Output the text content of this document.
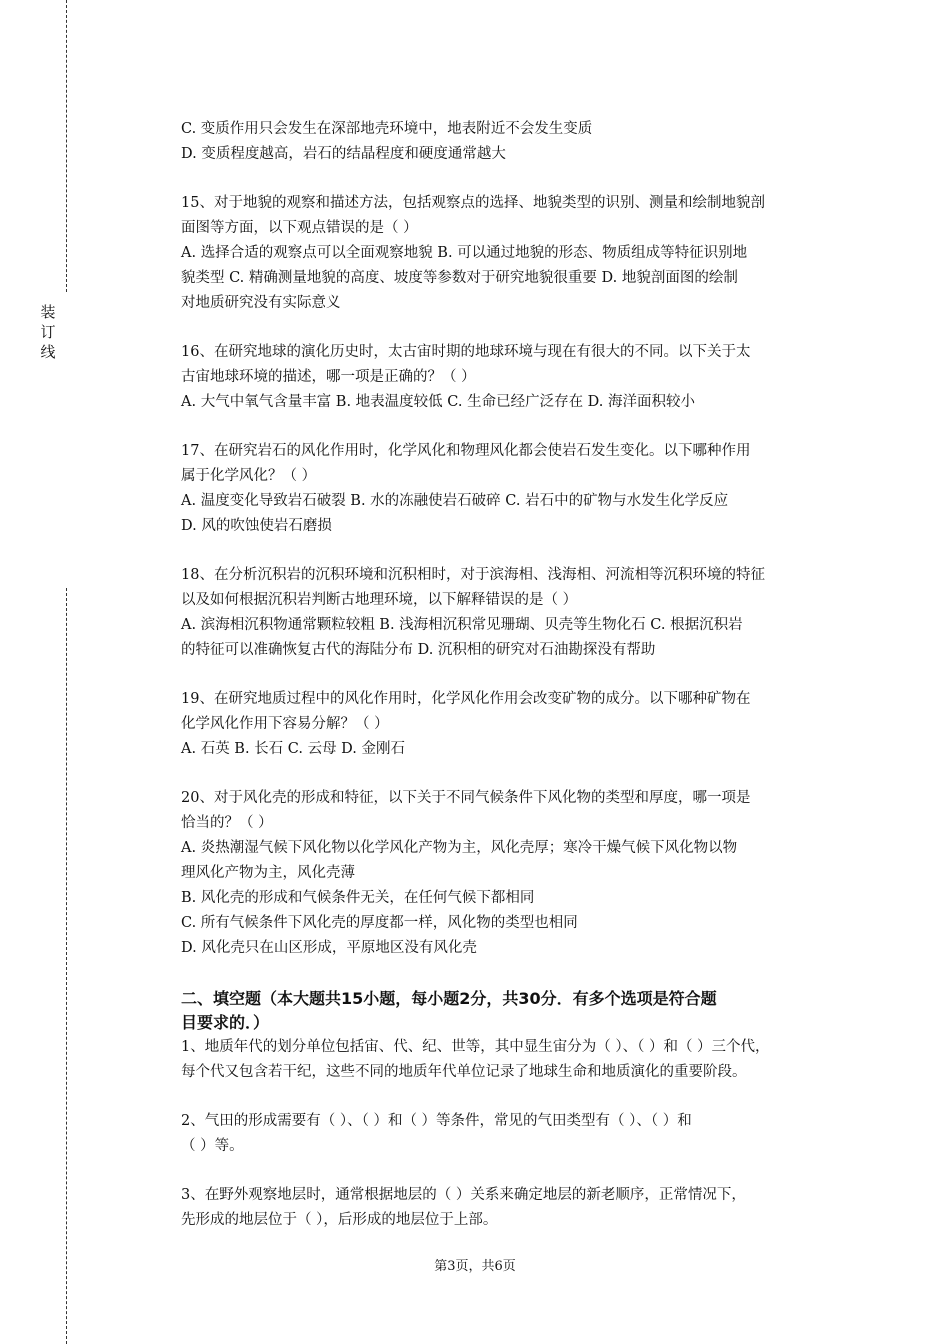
装
订
线
C. 变质作用只会发生在深部地壳环境中，地表附近不会发生变质
D. 变质程度越高，岩石的结晶程度和硬度通常越大
15、对于地貌的观察和描述方法，包括观察点的选择、地貌类型的识别、测量和绘制地貌剖
面图等方面，以下观点错误的是（ ）
A. 选择合适的观察点可以全面观察地貌 B. 可以通过地貌的形态、物质组成等特征识别地
貌类型 C. 精确测量地貌的高度、坡度等参数对于研究地貌很重要 D. 地貌剖面图的绘制
对地质研究没有实际意义
16、在研究地球的演化历史时，太古宙时期的地球环境与现在有很大的不同。以下关于太
古宙地球环境的描述，哪一项是正确的？（ ）
A. 大气中氧气含量丰富 B. 地表温度较低 C. 生命已经广泛存在 D. 海洋面积较小
17、在研究岩石的风化作用时，化学风化和物理风化都会使岩石发生变化。以下哪种作用
属于化学风化？（ ）
A. 温度变化导致岩石破裂 B. 水的冻融使岩石破碎 C. 岩石中的矿物与水发生化学反应
D. 风的吹蚀使岩石磨损
18、在分析沉积岩的沉积环境和沉积相时，对于滨海相、浅海相、河流相等沉积环境的特征
以及如何根据沉积岩判断古地理环境，以下解释错误的是（ ）
A. 滨海相沉积物通常颗粒较粗 B. 浅海相沉积常见珊瑚、贝壳等生物化石 C. 根据沉积岩
的特征可以准确恢复古代的海陆分布 D. 沉积相的研究对石油勘探没有帮助
19、在研究地质过程中的风化作用时，化学风化作用会改变矿物的成分。以下哪种矿物在
化学风化作用下容易分解？（ ）
A. 石英 B. 长石 C. 云母 D. 金刚石
20、对于风化壳的形成和特征，以下关于不同气候条件下风化物的类型和厚度，哪一项是
恰当的？（ ）
A. 炎热潮湿气候下风化物以化学风化产物为主，风化壳厚；寒冷干燥气候下风化物以物
理风化产物为主，风化壳薄
B. 风化壳的形成和气候条件无关，在任何气候下都相同
C. 所有气候条件下风化壳的厚度都一样，风化物的类型也相同
D. 风化壳只在山区形成，平原地区没有风化壳
二、填空题（本大题共15小题，每小题2分，共30分．有多个选项是符合题
目要求的．）
1、地质年代的划分单位包括宙、代、纪、世等，其中显生宙分为（ ）、（ ）和（ ）三个代，
每个代又包含若干纪，这些不同的地质年代单位记录了地球生命和地质演化的重要阶段。
2、气田的形成需要有（ ）、（ ）和（ ）等条件，常见的气田类型有（ ）、（ ）和
（ ）等。
3、在野外观察地层时，通常根据地层的（ ）关系来确定地层的新老顺序，正常情况下，
先形成的地层位于（ ），后形成的地层位于上部。
第3页，共6页
